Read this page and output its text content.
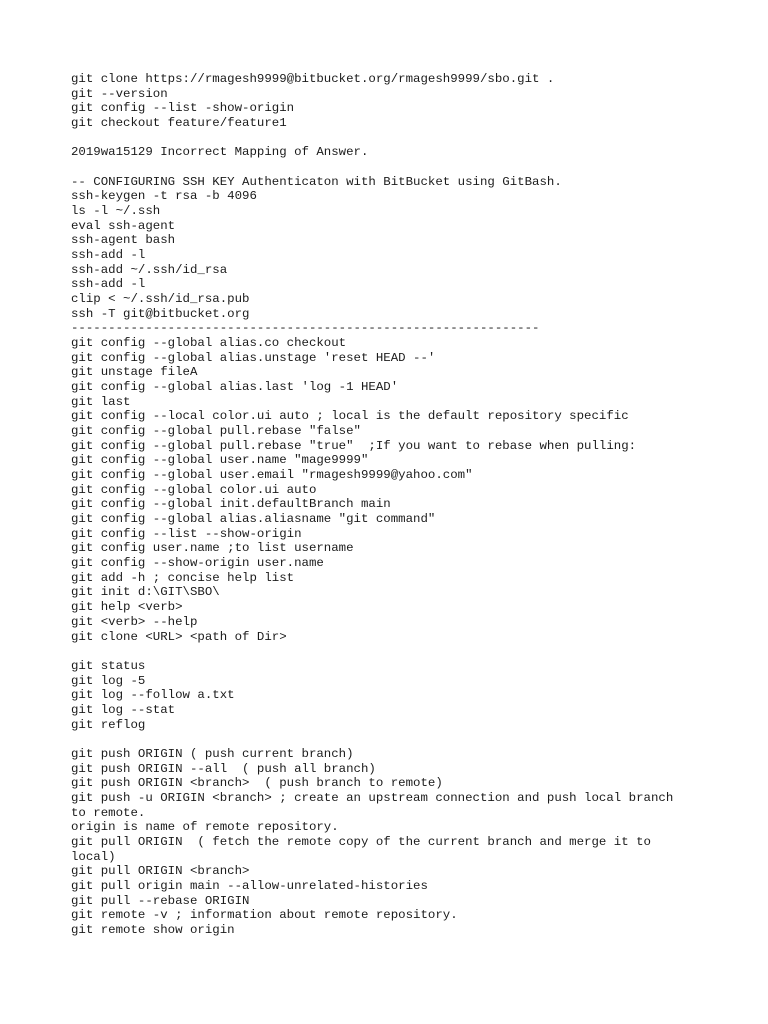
git clone https://rmagesh9999@bitbucket.org/rmagesh9999/sbo.git .
git --version
git config --list -show-origin
git checkout feature/feature1
2019wa15129 Incorrect Mapping of Answer.
-- CONFIGURING SSH KEY Authenticaton with BitBucket using GitBash.
ssh-keygen -t rsa -b 4096
ls -l ~/.ssh
eval ssh-agent
ssh-agent bash
ssh-add -l
ssh-add ~/.ssh/id_rsa
ssh-add -l
clip < ~/.ssh/id_rsa.pub
ssh -T git@bitbucket.org
---------------------------------------------------------------
git config --global alias.co checkout
git config --global alias.unstage 'reset HEAD --'
git unstage fileA
git config --global alias.last 'log -1 HEAD'
git last
git config --local color.ui auto ; local is the default repository specific
git config --global pull.rebase "false"
git config --global pull.rebase "true"  ;If you want to rebase when pulling:
git config --global user.name "mage9999"
git config --global user.email "rmagesh9999@yahoo.com"
git config --global color.ui auto
git config --global init.defaultBranch main
git config --global alias.aliasname "git command"
git config --list --show-origin
git config user.name ;to list username
git config --show-origin user.name
git add -h ; concise help list
git init d:\GIT\SBO\
git help <verb>
git <verb> --help
git clone <URL> <path of Dir>
git status
git log -5
git log --follow a.txt
git log --stat
git reflog
git push ORIGIN ( push current branch)
git push ORIGIN --all  ( push all branch)
git push ORIGIN <branch>  ( push branch to remote)
git push -u ORIGIN <branch> ; create an upstream connection and push local branch
to remote.
origin is name of remote repository.
git pull ORIGIN  ( fetch the remote copy of the current branch and merge it to
local)
git pull ORIGIN <branch>
git pull origin main --allow-unrelated-histories
git pull --rebase ORIGIN
git remote -v ; information about remote repository.
git remote show origin
